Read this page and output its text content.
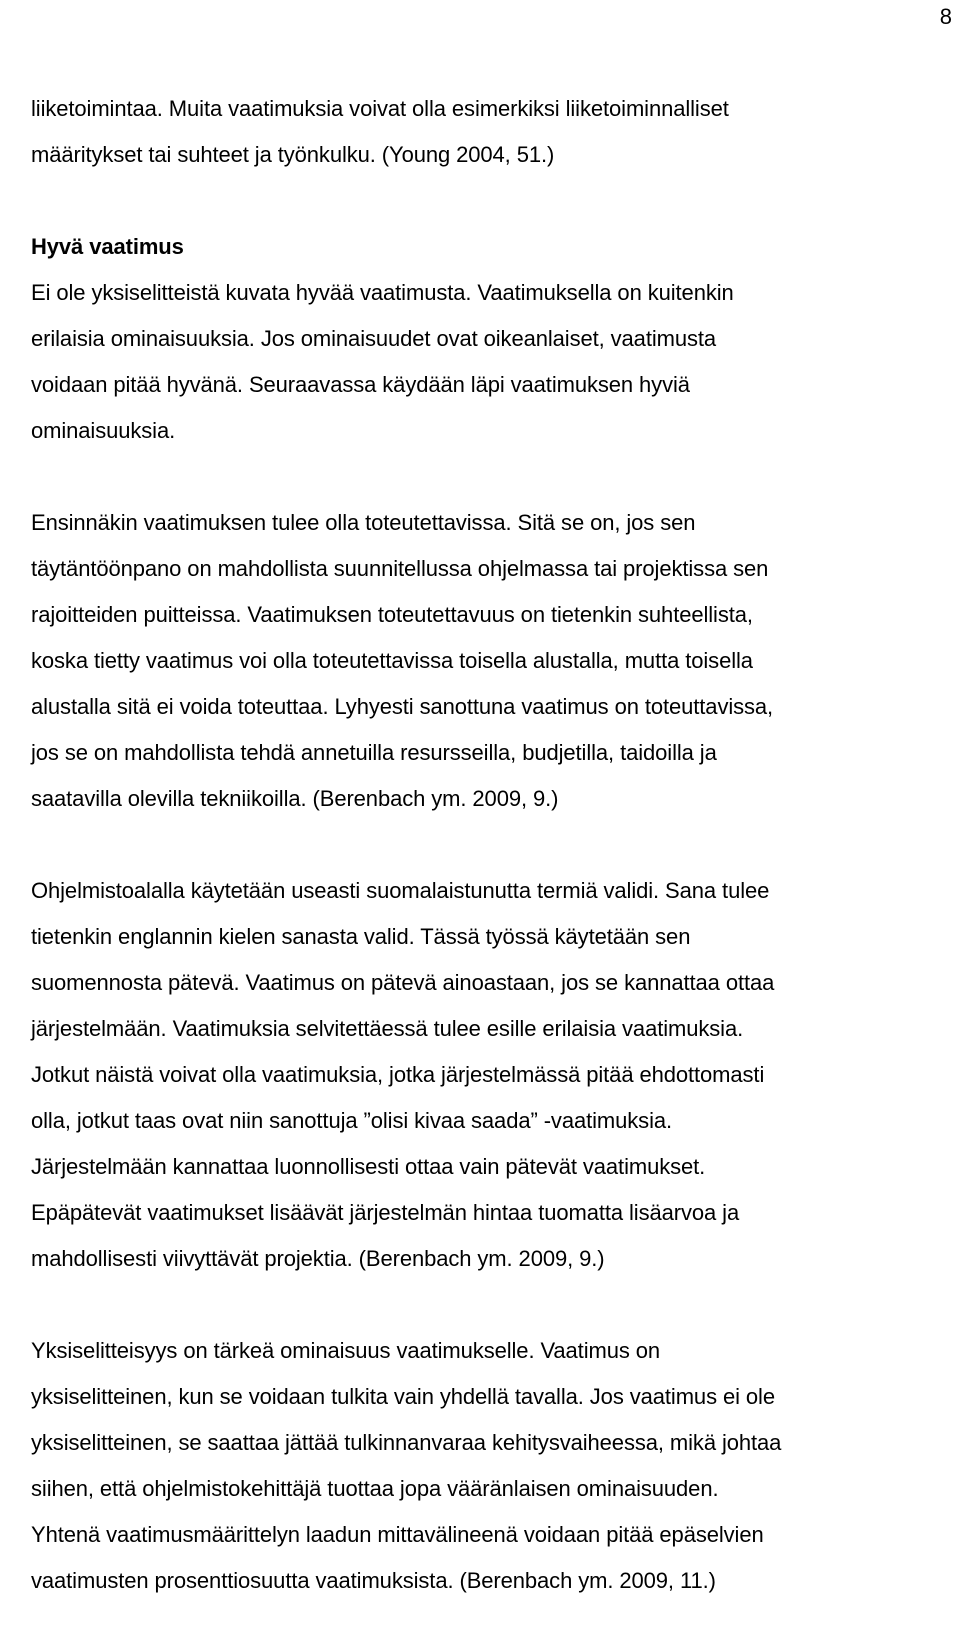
8
liiketoimintaa. Muita vaatimuksia voivat olla esimerkiksi liiketoiminnalliset
määritykset tai suhteet ja työnkulku. (Young 2004, 51.)
Hyvä vaatimus
Ei ole yksiselitteistä kuvata hyvää vaatimusta. Vaatimuksella on kuitenkin
erilaisia ominaisuuksia. Jos ominaisuudet ovat oikeanlaiset, vaatimusta
voidaan pitää hyvänä. Seuraavassa käydään läpi vaatimuksen hyviä
ominaisuuksia.
Ensinnäkin vaatimuksen tulee olla toteutettavissa. Sitä se on, jos sen
täytäntöönpano on mahdollista suunnitellussa ohjelmassa tai projektissa sen
rajoitteiden puitteissa. Vaatimuksen toteutettavuus on tietenkin suhteellista,
koska tietty vaatimus voi olla toteutettavissa toisella alustalla, mutta toisella
alustalla sitä ei voida toteuttaa. Lyhyesti sanottuna vaatimus on toteuttavissa,
jos se on mahdollista tehdä annetuilla resursseilla, budjetilla, taidoilla ja
saatavilla olevilla tekniikoilla. (Berenbach ym. 2009, 9.)
Ohjelmistoalalla käytetään useasti suomalaistunutta termiä validi. Sana tulee
tietenkin englannin kielen sanasta valid. Tässä työssä käytetään sen
suomennosta pätevä. Vaatimus on pätevä ainoastaan, jos se kannattaa ottaa
järjestelmään. Vaatimuksia selvitettäessä tulee esille erilaisia vaatimuksia.
Jotkut näistä voivat olla vaatimuksia, jotka järjestelmässä pitää ehdottomasti
olla, jotkut taas ovat niin sanottuja ”olisi kivaa saada” -vaatimuksia.
Järjestelmään kannattaa luonnollisesti ottaa vain pätevät vaatimukset.
Epäpätevät vaatimukset lisäävät järjestelmän hintaa tuomatta lisäarvoa ja
mahdollisesti viivyttävät projektia. (Berenbach ym. 2009, 9.)
Yksiselitteisyys on tärkeä ominaisuus vaatimukselle. Vaatimus on
yksiselitteinen, kun se voidaan tulkita vain yhdellä tavalla. Jos vaatimus ei ole
yksiselitteinen, se saattaa jättää tulkinnanvaraa kehitysvaiheessa, mikä johtaa
siihen, että ohjelmistokehittäjä tuottaa jopa vääränlaisen ominaisuuden.
Yhtenä vaatimusmäärittelyn laadun mittavälineenä voidaan pitää epäselvien
vaatimusten prosenttiosuutta vaatimuksista. (Berenbach ym. 2009, 11.)
